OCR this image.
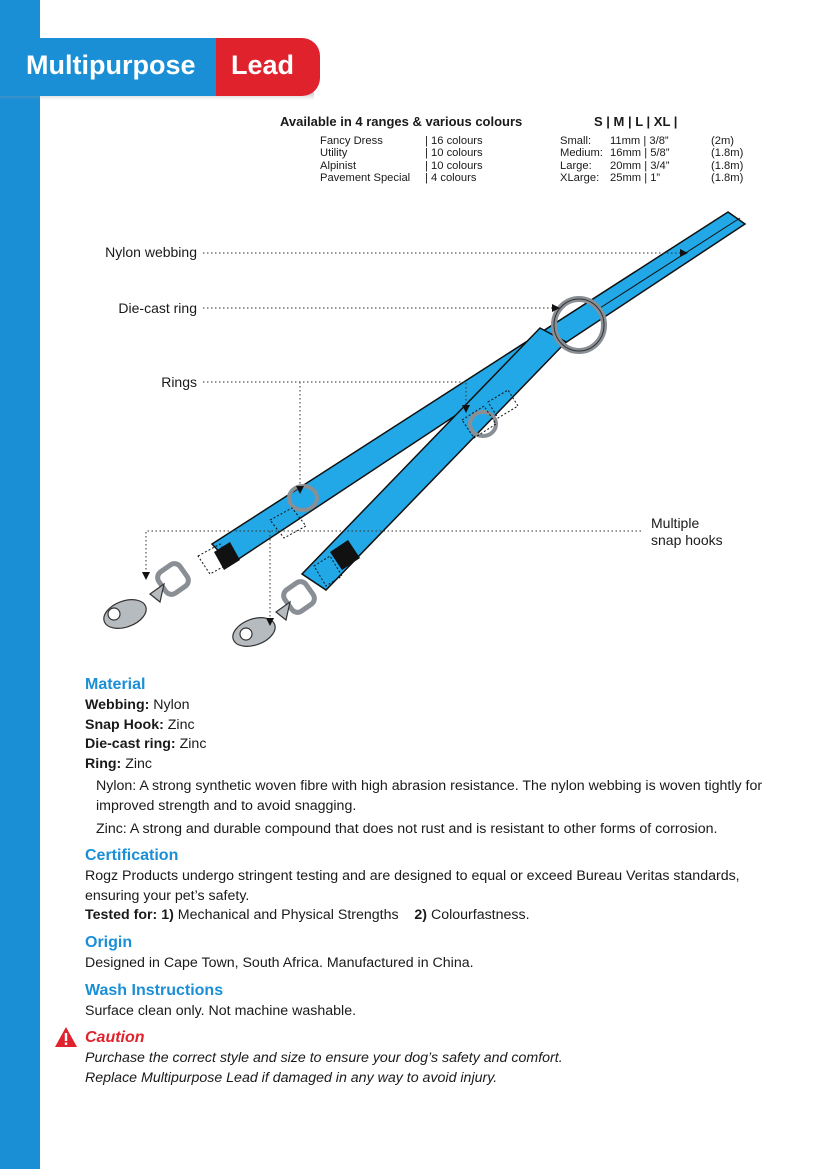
Multipurpose Lead
Available in 4 ranges & various colours	S | M | L | XL |
Fancy Dress	| 16 colours
Utility	| 10 colours
Alpinist	| 10 colours
Pavement Special | 4 colours
Small: 11mm | 3/8”	(2m)
Medium: 16mm | 5/8”	(1.8m)
Large: 20mm | 3/4”	(1.8m)
XLarge: 25mm | 1”	(1.8m)
Nylon webbing
Die-cast ring
Rings
Multiple
snap hooks
Material
Webbing: Nylon
Snap Hook: Zinc
Die-cast ring: Zinc
Ring: Zinc
Nylon: A strong synthetic woven fibre with high abrasion resistance. The nylon webbing is woven tightly for improved strength and to avoid snagging.
Zinc: A strong and durable compound that does not rust and is resistant to other forms of corrosion.
Certification
Rogz Products undergo stringent testing and are designed to equal or exceed Bureau Veritas standards, ensuring your pet’s safety.
Tested for: 1) Mechanical and Physical Strengths 2) Colourfastness.
Origin
Designed in Cape Town, South Africa. Manufactured in China.
Wash Instructions
Surface clean only. Not machine washable.
Caution
Purchase the correct style and size to ensure your dog’s safety and comfort.
Replace Multipurpose Lead if damaged in any way to avoid injury.
